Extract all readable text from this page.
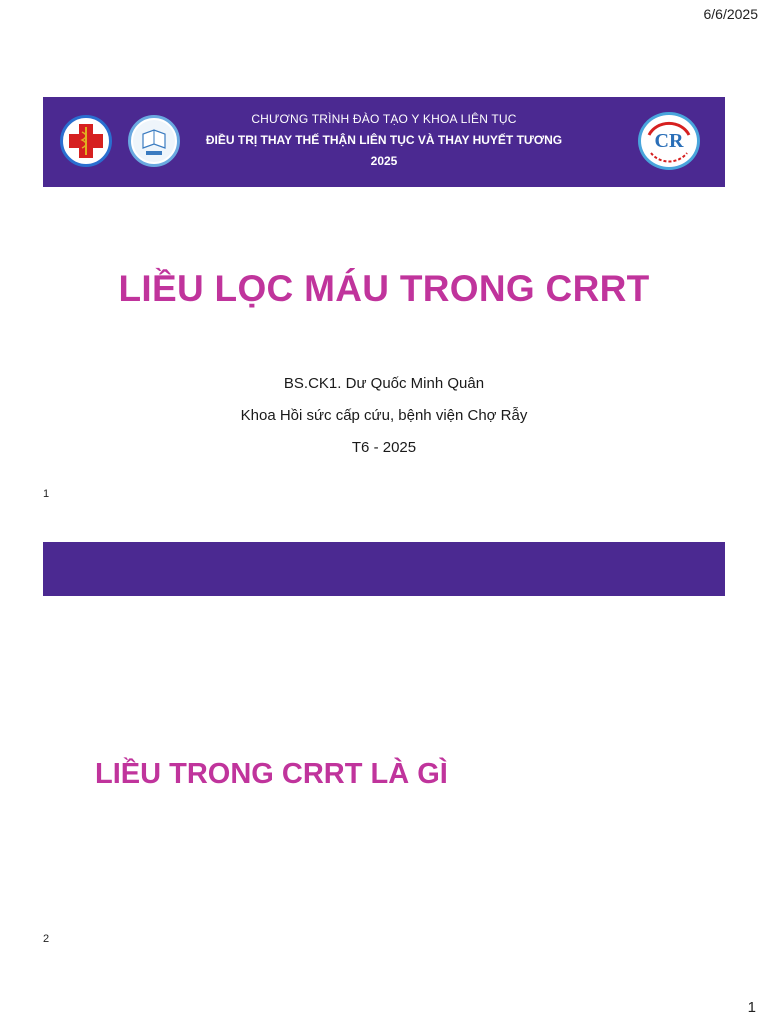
6/6/2025
CHƯƠNG TRÌNH ĐÀO TẠO Y KHOA LIÊN TỤC
ĐIỀU TRỊ THAY THẾ THẬN LIÊN TỤC VÀ THAY HUYẾT TƯƠNG
2025
CR
LIỀU LỌC MÁU TRONG CRRT
BS.CK1. Dư Quốc Minh Quân
Khoa Hồi sức cấp cứu, bệnh viện Chợ Rẫy
T6 - 2025
1
LIỀU TRONG CRRT LÀ GÌ
2
1
